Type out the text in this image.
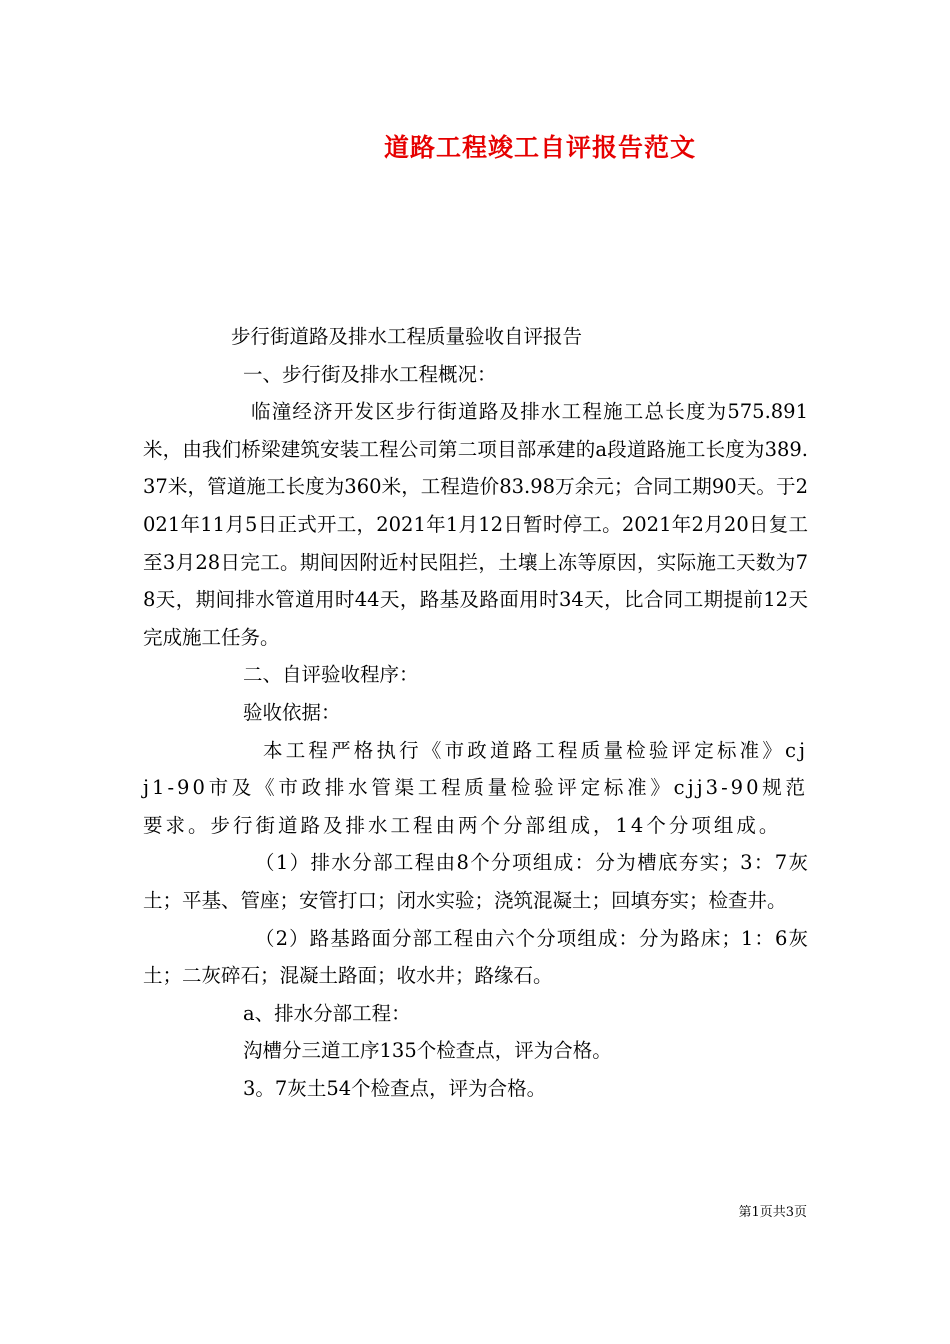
道路工程竣工自评报告范文

步行街道路及排水工程质量验收自评报告

一、步行街及排水工程概况：

临潼经济开发区步行街道路及排水工程施工总长度为575.891米，由我们桥梁建筑安装工程公司第二项目部承建的a段道路施工长度为389.37米，管道施工长度为360米，工程造价83.98万余元；合同工期90天。于2021年11月5日正式开工，2021年1月12日暂时停工。2021年2月20日复工至3月28日完工。期间因附近村民阻拦，土壤上冻等原因，实际施工天数为78天，期间排水管道用时44天，路基及路面用时34天，比合同工期提前12天完成施工任务。

二、自评验收程序：

验收依据：

本工程严格执行《市政道路工程质量检验评定标准》cjj1-90市及《市政排水管渠工程质量检验评定标准》cjj3-90规范要求。步行街道路及排水工程由两个分部组成，14个分项组成。

（1）排水分部工程由8个分项组成：分为槽底夯实；3：7灰土；平基、管座；安管打口；闭水实验；浇筑混凝土；回填夯实；检查井。

（2）路基路面分部工程由六个分项组成：分为路床；1：6灰土；二灰碎石；混凝土路面；收水井；路缘石。

a、排水分部工程：

沟槽分三道工序135个检查点，评为合格。

3。7灰土54个检查点，评为合格。

第1页共3页
